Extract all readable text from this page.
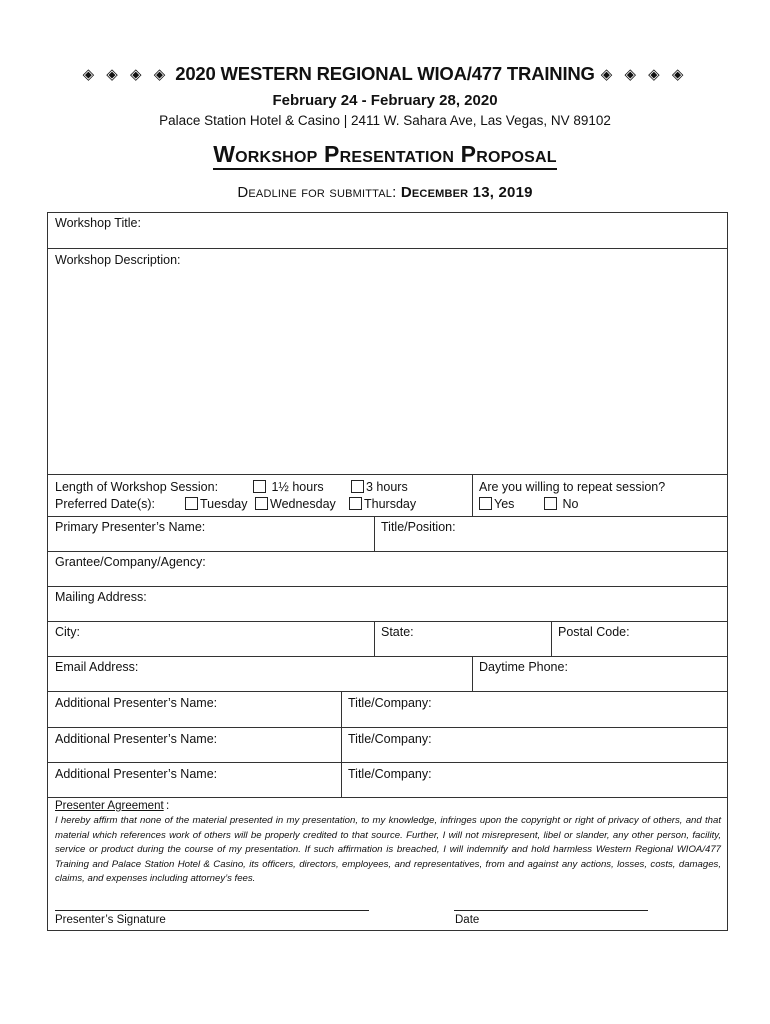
◈ ◈ ◈ ◈ 2020 WESTERN REGIONAL WIOA/477 TRAINING ◈ ◈ ◈ ◈
February 24 - February 28, 2020
Palace Station Hotel & Casino | 2411 W. Sahara Ave, Las Vegas, NV 89102
Workshop Presentation Proposal
Deadline for submittal: December 13, 2019
Workshop Title:
Workshop Description:
Length of Workshop Session:	1½ hours	3 hours
Preferred Date(s):	Tuesday	Wednesday	Thursday
Are you willing to repeat session?
Yes	No
Primary Presenter’s Name:	Title/Position:
Grantee/Company/Agency:
Mailing Address:
City:	State:	Postal Code:
Email Address:	Daytime Phone:
Additional Presenter’s Name:	Title/Company:
Additional Presenter’s Name:	Title/Company:
Additional Presenter’s Name:	Title/Company:
Presenter Agreement :
I hereby affirm that none of the material presented in my presentation, to my knowledge, infringes upon the copyright or right of privacy of others, and that material which references work of others will be properly credited to that source. Further, I will not misrepresent, libel or slander, any other person, facility, service or product during the course of my presentation. If such affirmation is breached, I will indemnify and hold harmless Western Regional WIOA/477 Training and Palace Station Hotel & Casino, its officers, directors, employees, and representatives, from and against any actions, losses, costs, damages, claims, and expenses including attorney’s fees.
Presenter’s Signature	Date
